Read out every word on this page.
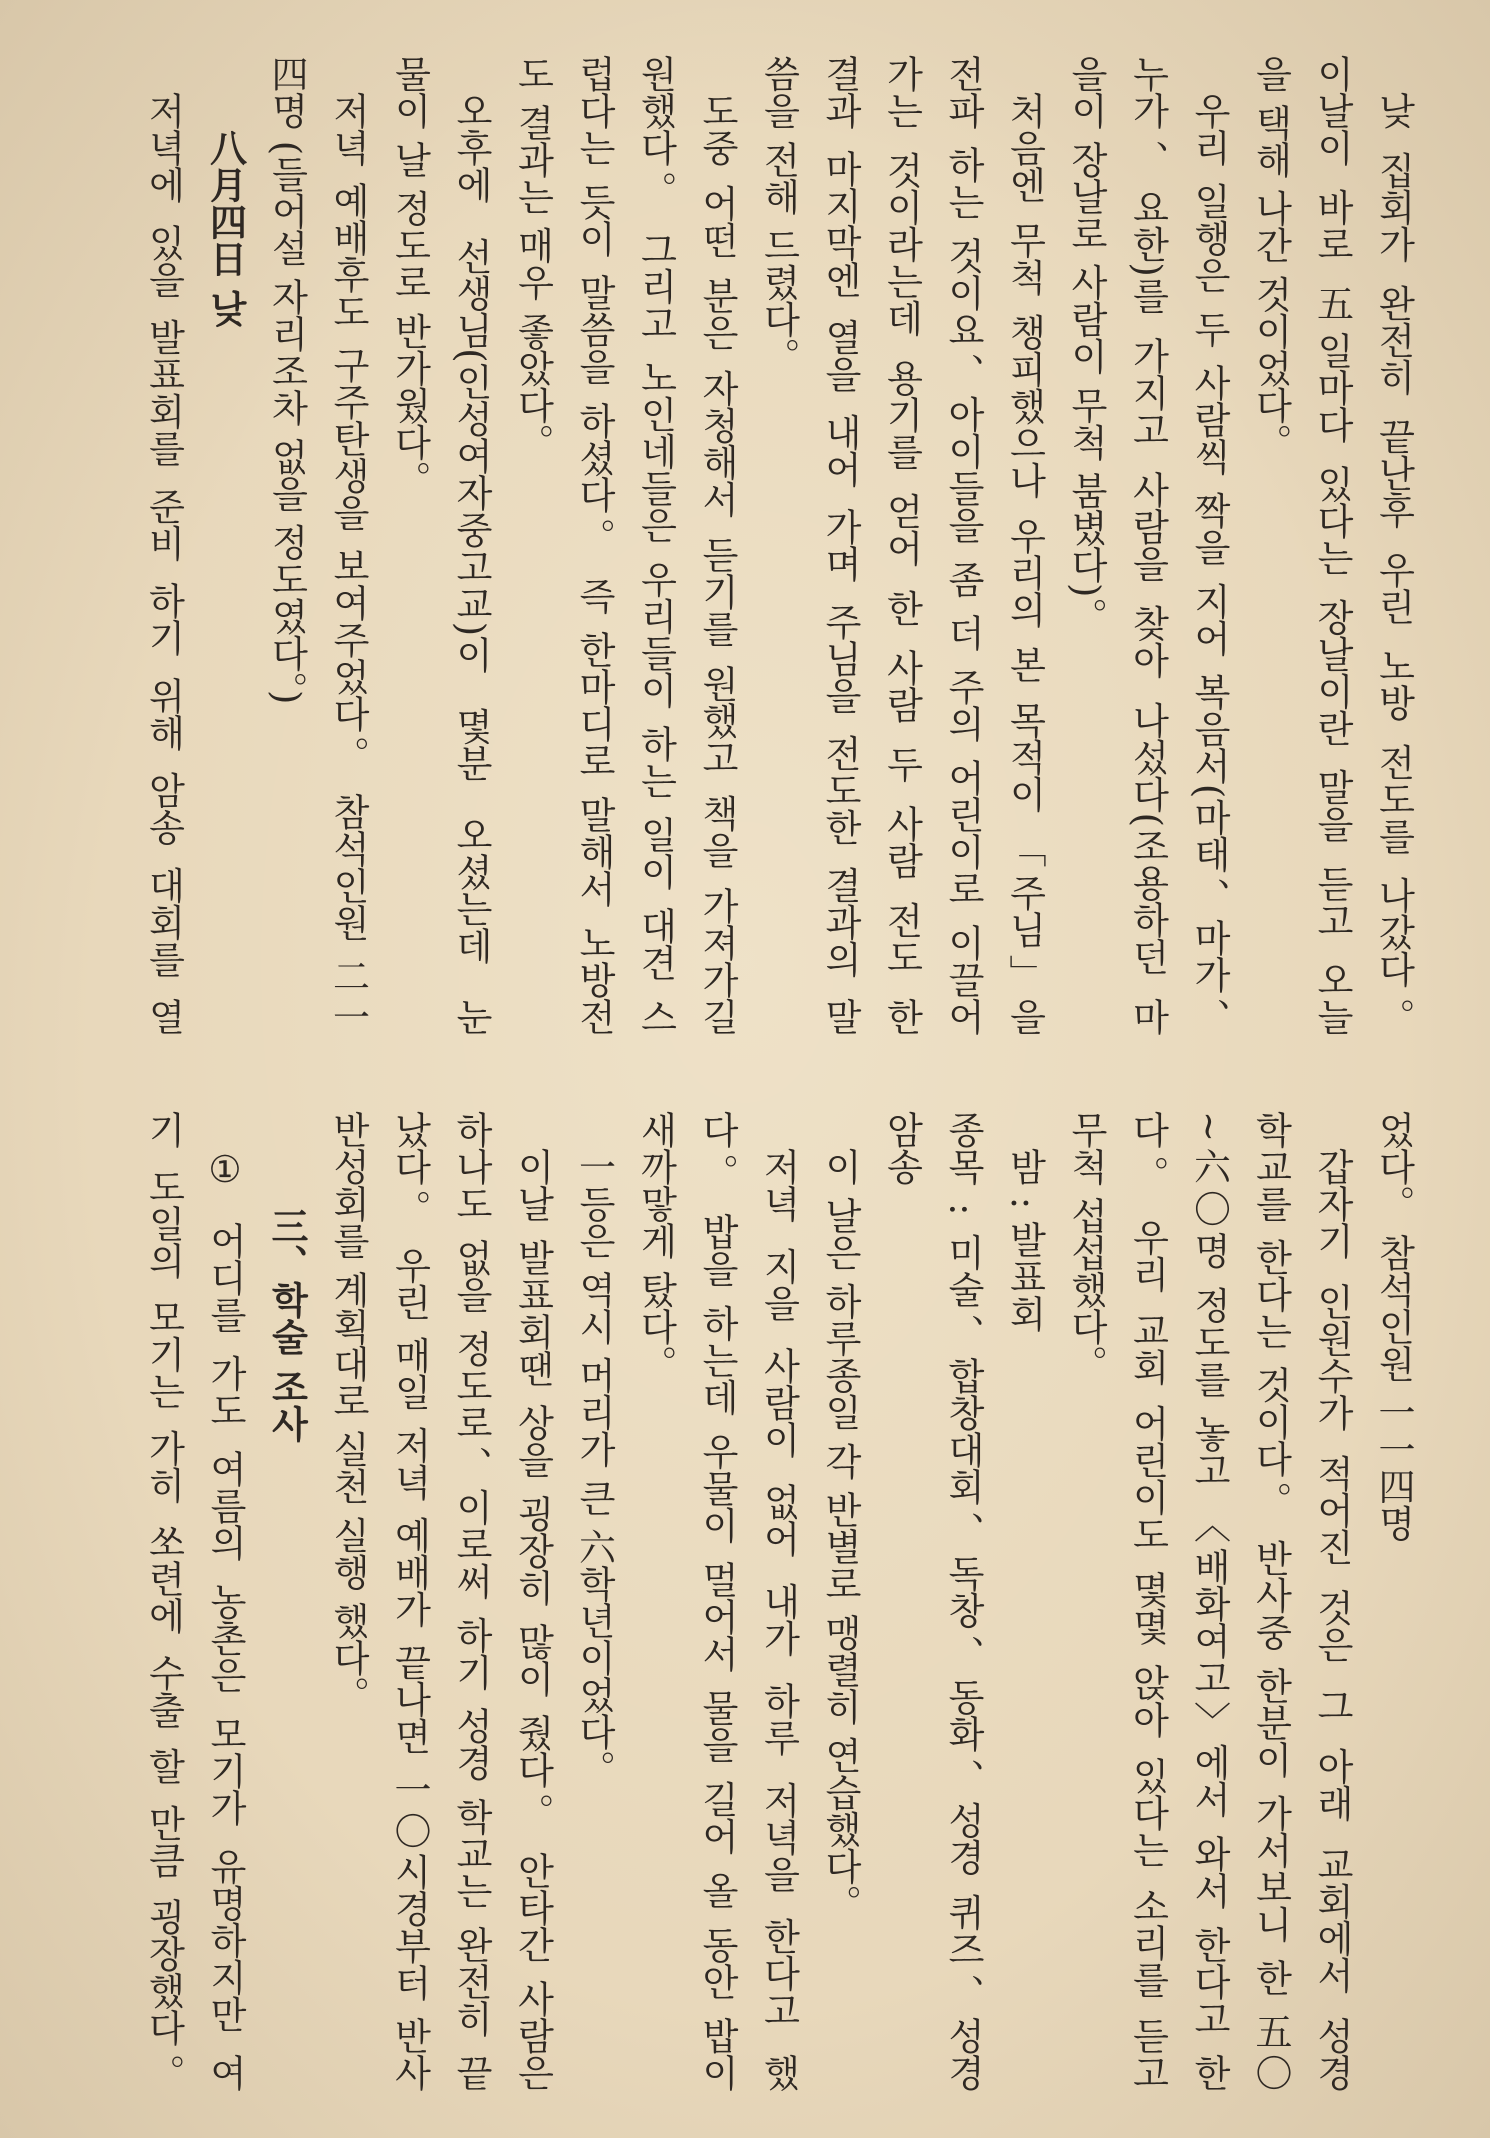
낮 집회가 완전히 끝난후 우린 노방 전도를 나갔다。
이날이 바로 五일마다 있다는 장날이란 말을 듣고 오늘
을 택해 나간 것이었다。
우리 일행은 두 사람씩 짝을 지어 복음서(마태、마가、
누가、요한)를 가지고 사람을 찾아 나섰다(조용하던 마
을이 장날로 사람이 무척 붐볐다)。
처음엔 무척 챙피했으나 우리의 본 목적이 「주님」을
전파 하는 것이요、아이들을 좀 더 주의 어린이로 이끌어
가는 것이라는데 용기를 얻어 한 사람 두 사람 전도 한
결과 마지막엔 열을 내어 가며 주님을 전도한 결과의 말
씀을 전해 드렸다。
도중 어떤 분은 자청해서 듣기를 원했고 책을 가져가길
원했다。 그리고 노인네들은 우리들이 하는 일이 대견 스
럽다는 듯이 말씀을 하셨다。 즉 한마디로 말해서 노방전
도 결과는 매우 좋았다。
오후에 선생님(인성여자중고교)이 몇분 오셨는데 눈
물이 날 정도로 반가웠다。
저녁 예배후도 구주탄생을 보여주었다。 참석인원 二一
四명 (들어설 자리조차 없을 정도였다。)
八月四日 낮
저녁에 있을 발표회를 준비 하기 위해 암송 대회를 열
었다。 참석인원 一一四명
갑자기 인원수가 적어진 것은 그 아래 교회에서 성경
학교를 한다는 것이다。 반사중 한분이 가서보니 한 五〇
~六〇명 정도를 놓고 〈배화여고〉에서 와서 한다고 한
다。 우리 교회 어린이도 몇몇 앉아 있다는 소리를 듣고
무척 섭섭했다。
밤 : 발표회
종목 : 미술、합창대회、독창、동화、성경 퀴즈、성경
암송
이 날은 하루종일 각 반별로 맹렬히 연습했다。
저녁 지을 사람이 없어 내가 하루 저녁을 한다고 했
다。 밥을 하는데 우물이 멀어서 물을 길어 올 동안 밥이
새까맣게 탔다。
一등은 역시 머리가 큰 六학년이었다。
이날 발표회땐 상을 굉장히 많이 줬다。 안타간 사람은
하나도 없을 정도로、이로써 하기 성경 학교는 완전히 끝
났다。 우린 매일 저녁 예배가 끝나면 一〇시경부터 반사
반성회를 계획대로 실천 실행 했다。
三、학술 조사
① 어디를 가도 여름의 농촌은 모기가 유명하지만 여
기 도일의 모기는 가히 쏘련에 수출 할 만큼 굉장했다。
